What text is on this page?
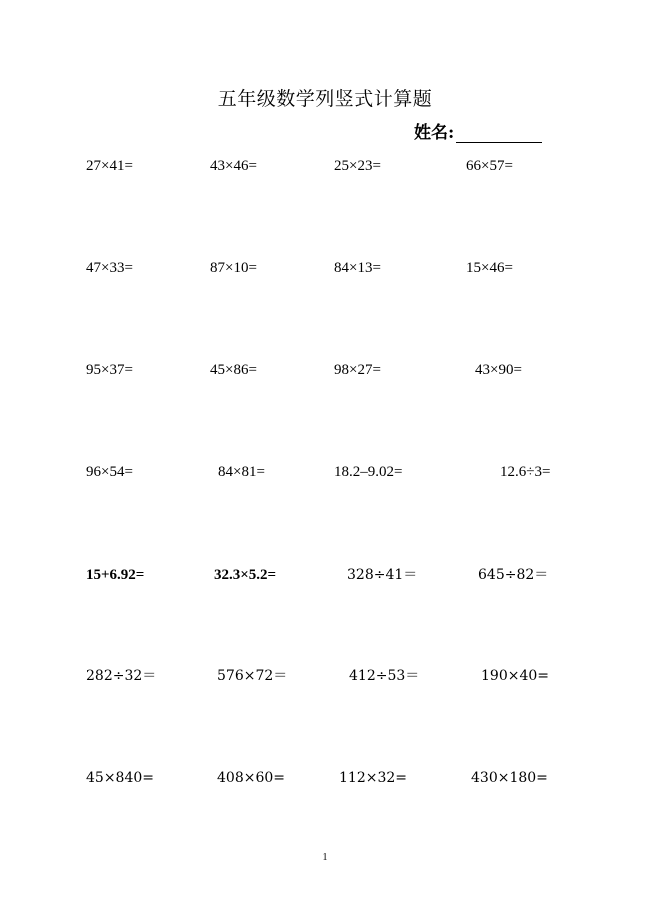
五年级数学列竖式计算题
姓名:
27×41=	43×46=	25×23=	66×57=
47×33=	87×10=	84×13=	15×46=
95×37=	45×86=	98×27=	43×90=
96×54=	84×81=	18.2–9.02=	12.6÷3=
15+6.92=	32.3×5.2=	328÷41＝	645÷82＝
282÷32＝	576×72＝	412÷53＝	190×40=
45×840=	408×60=	112×32=	430×180=
1
